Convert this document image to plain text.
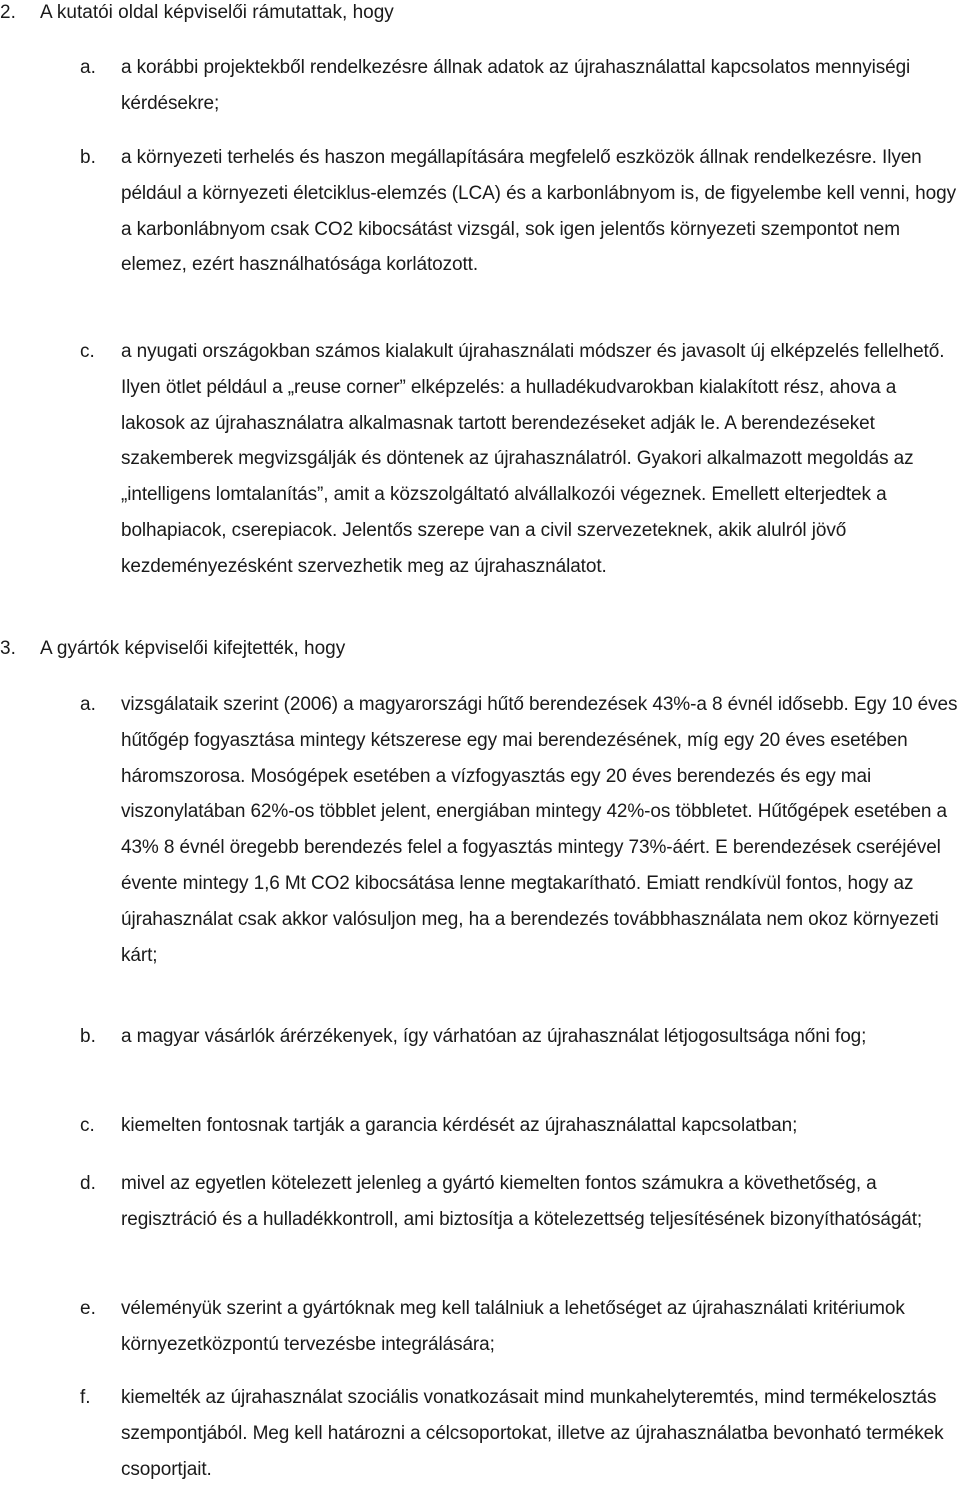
2.	A kutatói oldal képviselői rámutattak, hogy
a.	a korábbi projektekből rendelkezésre állnak adatok az újrahasználattal kapcsolatos mennyiségi kérdésekre;
b.	a környezeti terhelés és haszon megállapítására megfelelő eszközök állnak rendelkezésre. Ilyen például a környezeti életciklus-elemzés (LCA) és a karbonlábnyom is, de figyelembe kell venni, hogy a karbonlábnyom csak CO2 kibocsátást vizsgál, sok igen jelentős környezeti szempontot nem elemez, ezért használhatósága korlátozott.
c.	a nyugati országokban számos kialakult újrahasználati módszer és javasolt új elképzelés fellelhető. Ilyen ötlet például a „reuse corner” elképzelés: a hulladékudvarokban kialakított rész, ahova a lakosok az újrahasználatra alkalmasnak tartott berendezéseket adják le. A berendezéseket szakemberek megvizsgálják és döntenek az újrahasználatról. Gyakori alkalmazott megoldás az „intelligens lomtalanítás”, amit a közszolgáltató alvállalkozói végeznek. Emellett elterjedtek a bolhapiacok, cserepiacok. Jelentős szerepe van a civil szervezeteknek, akik alulról jövő kezdeményezésként szervezhetik meg az újrahasználatot.
3.	A gyártók képviselői kifejtették, hogy
a.	vizsgálataik szerint (2006) a magyarországi hűtő berendezések 43%-a 8 évnél idősebb. Egy 10 éves hűtőgép fogyasztása mintegy kétszerese egy mai berendezésének, míg egy 20 éves esetében háromszorosa. Mosógépek esetében a vízfogyasztás egy 20 éves berendezés és egy mai viszonylatában 62%-os többlet jelent, energiában mintegy 42%-os többletet. Hűtőgépek esetében a 43% 8 évnél öregebb berendezés felel a fogyasztás mintegy 73%-áért. E berendezések cseréjével évente mintegy 1,6 Mt CO2 kibocsátása lenne megtakarítható. Emiatt rendkívül fontos, hogy az újrahasználat csak akkor valósuljon meg, ha a berendezés továbbhasználata nem okoz környezeti kárt;
b.	a magyar vásárlók árérzékenyek, így várhatóan az újrahasználat létjogosultsága nőni fog;
c.	kiemelten fontosnak tartják a garancia kérdését az újrahasználattal kapcsolatban;
d.	mivel az egyetlen kötelezett jelenleg a gyártó kiemelten fontos számukra a követhetőség, a regisztráció és a hulladékkontroll, ami biztosítja a kötelezettség teljesítésének bizonyíthatóságát;
e.	véleményük szerint a gyártóknak meg kell találniuk a lehetőséget az újrahasználati kritériumok környezetközpontú tervezésbe integrálására;
f.	kiemelték az újrahasználat szociális vonatkozásait mind munkahelyteremtés, mind termékelosztás szempontjából. Meg kell határozni a célcsoportokat, illetve az újrahasználatba bevonható termékek csoportjait.
